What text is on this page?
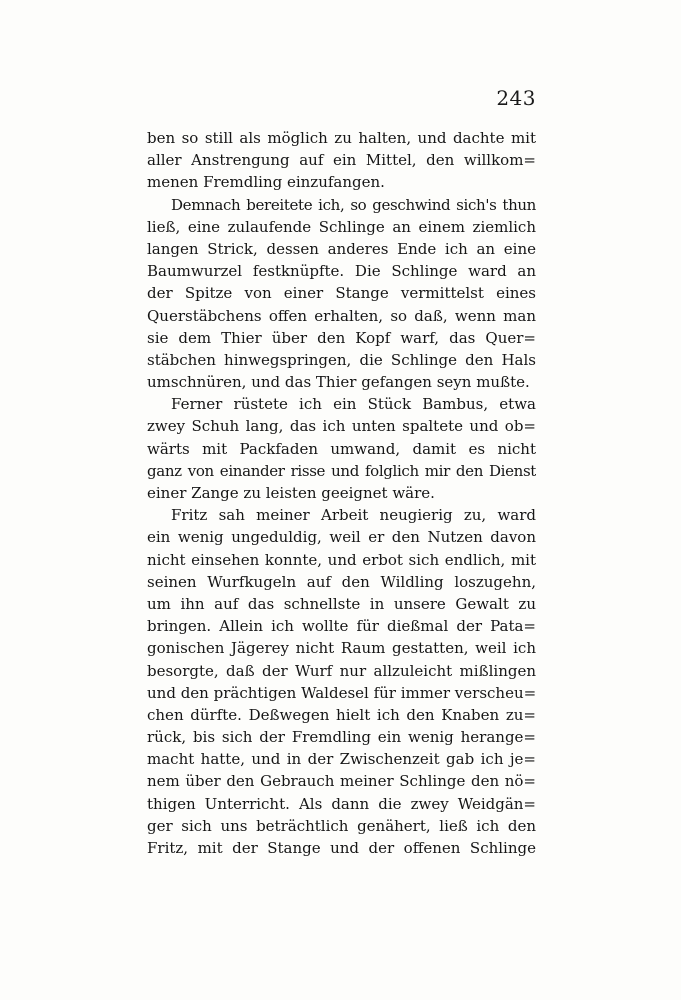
243
ben so still als möglich zu halten, und dachte mit
aller Anstrengung auf ein Mittel, den willkom=
menen Fremdling einzufangen.
Demnach bereitete ich, so geschwind sich's thun
ließ, eine zulaufende Schlinge an einem ziemlich
langen Strick, dessen anderes Ende ich an eine
Baumwurzel festknüpfte. Die Schlinge ward an
der Spitze von einer Stange vermittelst eines
Querstäbchens offen erhalten, so daß, wenn man
sie dem Thier über den Kopf warf, das Quer=
stäbchen hinwegspringen, die Schlinge den Hals
umschnüren, und das Thier gefangen seyn mußte.
Ferner rüstete ich ein Stück Bambus, etwa
zwey Schuh lang, das ich unten spaltete und ob=
wärts mit Packfaden umwand, damit es nicht
ganz von einander risse und folglich mir den Dienst
einer Zange zu leisten geeignet wäre.
Fritz sah meiner Arbeit neugierig zu, ward
ein wenig ungeduldig, weil er den Nutzen davon
nicht einsehen konnte, und erbot sich endlich, mit
seinen Wurfkugeln auf den Wildling loszugehn,
um ihn auf das schnellste in unsere Gewalt zu
bringen. Allein ich wollte für dießmal der Pata=
gonischen Jägerey nicht Raum gestatten, weil ich
besorgte, daß der Wurf nur allzuleicht mißlingen
und den prächtigen Waldesel für immer verscheu=
chen dürfte. Deßwegen hielt ich den Knaben zu=
rück, bis sich der Fremdling ein wenig herange=
macht hatte, und in der Zwischenzeit gab ich je=
nem über den Gebrauch meiner Schlinge den nö=
thigen Unterricht. Als dann die zwey Weidgän=
ger sich uns beträchtlich genähert, ließ ich den
Fritz, mit der Stange und der offenen Schlinge
